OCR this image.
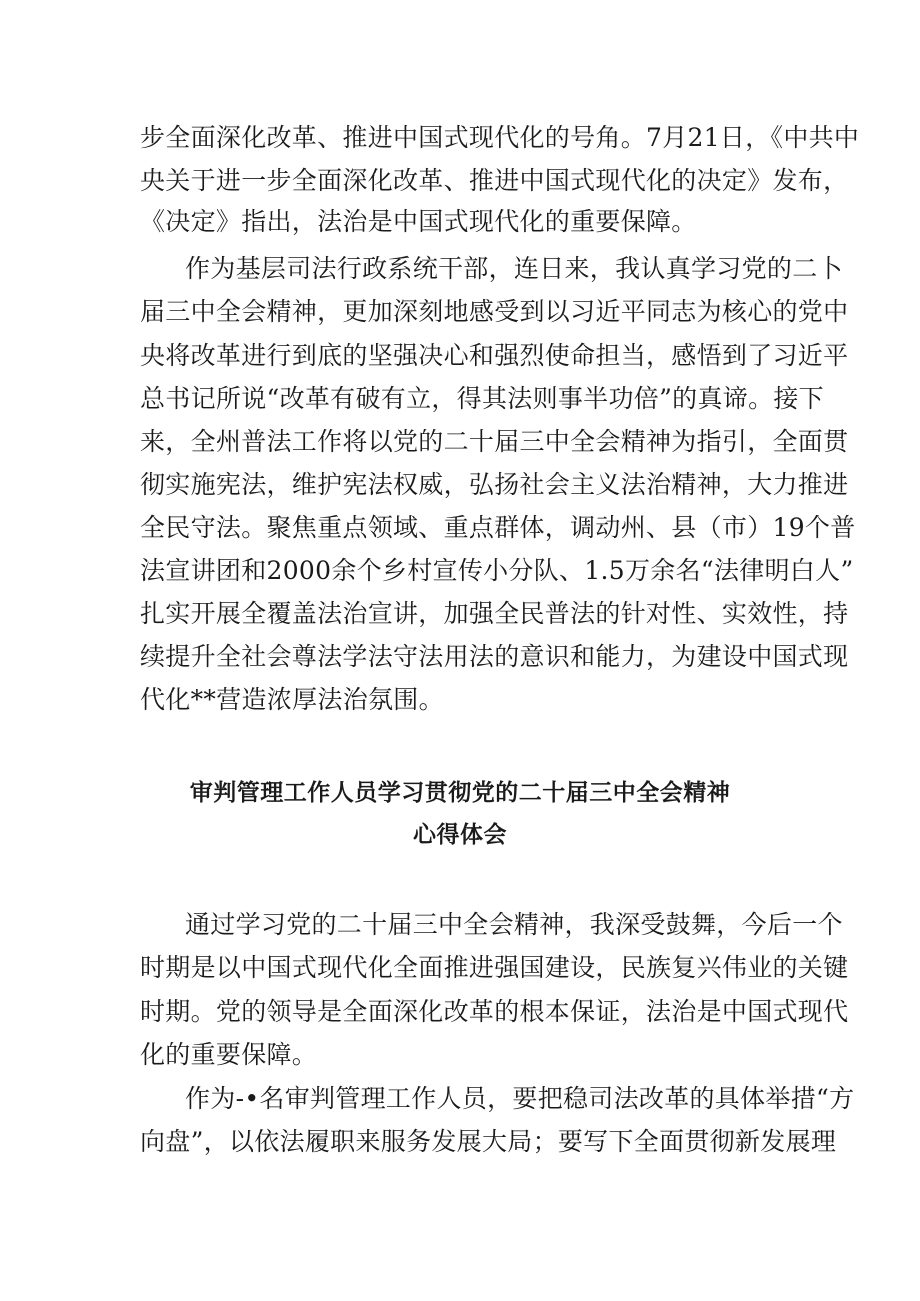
步全面深化改革、推进中国式现代化的号角。7月21日，《中共中
央关于进一步全面深化改革、推进中国式现代化的决定》发布，
《决定》指出，法治是中国式现代化的重要保障。
作为基层司法行政系统干部，连日来，我认真学习党的二卜
届三中全会精神，更加深刻地感受到以习近平同志为核心的党中
央将改革进行到底的坚强决心和强烈使命担当，感悟到了习近平
总书记所说“改革有破有立，得其法则事半功倍”的真谛。接下
来，全州普法工作将以党的二十届三中全会精神为指引，全面贯
彻实施宪法，维护宪法权威，弘扬社会主义法治精神，大力推进
全民守法。聚焦重点领域、重点群体，调动州、县（市）19个普
法宣讲团和2000余个乡村宣传小分队、1.5万余名“法律明白人”
扎实开展全覆盖法治宣讲，加强全民普法的针对性、实效性，持
续提升全社会尊法学法守法用法的意识和能力，为建设中国式现
代化**营造浓厚法治氛围。
审判管理工作人员学习贯彻党的二十届三中全会精神
心得体会
通过学习党的二十届三中全会精神，我深受鼓舞，今后一个
时期是以中国式现代化全面推进强国建设，民族复兴伟业的关键
时期。党的领导是全面深化改革的根本保证，法治是中国式现代
化的重要保障。
作为-•名审判管理工作人员，要把稳司法改革的具体举措“方
向盘”，以依法履职来服务发展大局；要写下全面贯彻新发展理
